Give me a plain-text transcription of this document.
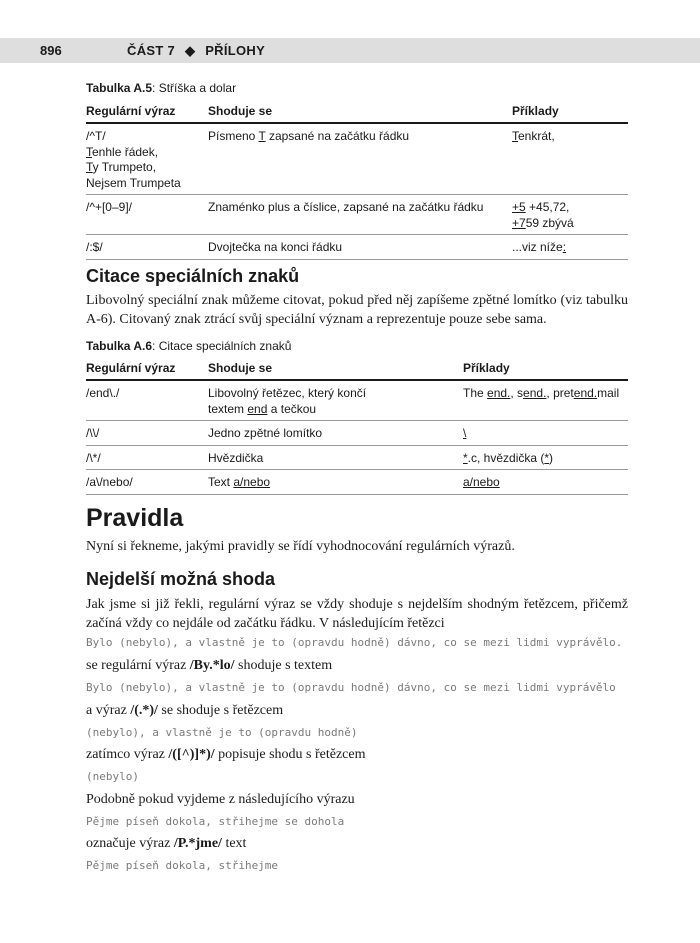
896	ČÁST 7 ◆ PŘÍLOHY
Tabulka A.5: Stříška a dolar
Regulární výraz	Shoduje se	Příklady

/^T/
Tenhle řádek,
Ty Trumpeto,
Nejsem Trumpeta	Písmeno T zapsané na začátku řádku	Tenkrát,
/^+[0–9]/	Znaménko plus a číslice, zapsané na začátku řádku	+5 +45,72,
+759 zbývá

/:$/	Dvojtečka na konci řádku	...viz níže:
Citace speciálních znaků
Libovolný speciální znak můžeme citovat, pokud před něj zapíšeme zpětné lomítko (viz tabulku A-6). Citovaný znak ztrácí svůj speciální význam a reprezentuje pouze sebe sama.
Tabulka A.6: Citace speciálních znaků
Regulární výraz	Shoduje se	Příklady
/end\./	Libovolný řetězec, který končí
textem end a tečkou	The end., send., pretend.mail
/\\/	Jedno zpětné lomítko	\
/\*/	Hvězdička	*.c, hvězdička (*)
/a\/nebo/	Text a/nebo	a/nebo
Pravidla
Nyní si řekneme, jakými pravidly se řídí vyhodnocování regulárních výrazů.
Nejdelší možná shoda
Jak jsme si již řekli, regulární výraz se vždy shoduje s nejdelším shodným řetězcem, přičemž začíná vždy co nejdále od začátku řádku. V následujícím řetězci
Bylo (nebylo), a vlastně je to (opravdu hodně) dávno, co se mezi lidmi vyprávělo.
se regulární výraz /By.*lo/ shoduje s textem
Bylo (nebylo), a vlastně je to (opravdu hodně) dávno, co se mezi lidmi vyprávělo
a výraz /(.*)/ se shoduje s řetězcem
(nebylo), a vlastně je to (opravdu hodně)
zatímco výraz /([^)]*)/ popisuje shodu s řetězcem
(nebylo)
Podobně pokud vyjdeme z následujícího výrazu
Pějme píseň dokola, střihejme se dohola
označuje výraz /P.*jme/ text
Pějme píseň dokola, střihejme
